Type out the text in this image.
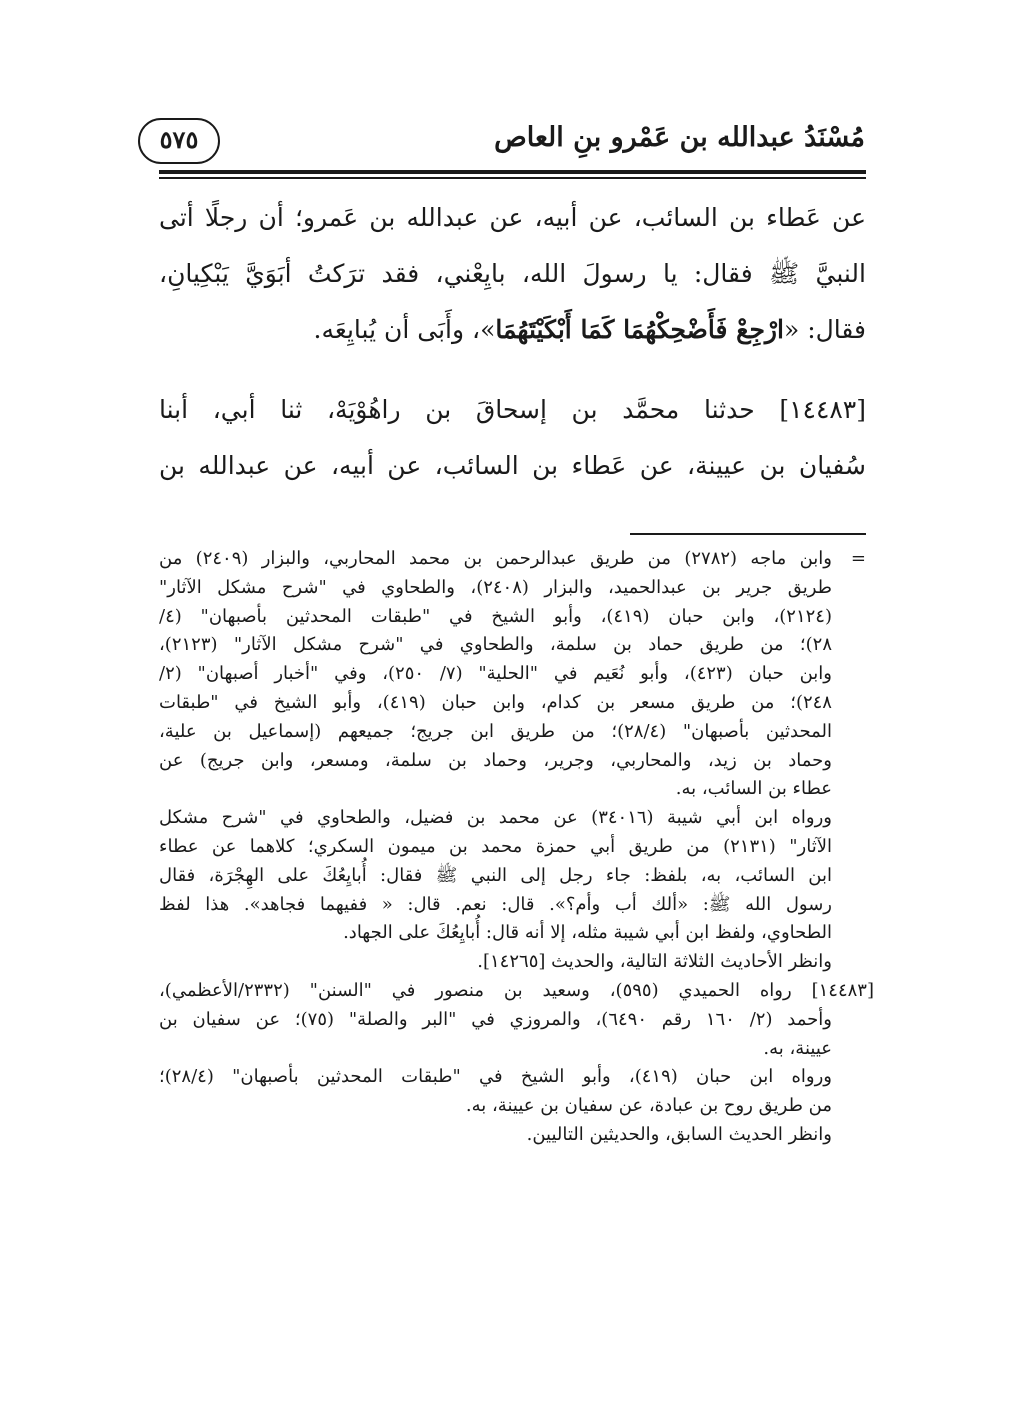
مُسْنَدُ عبدالله بن عَمْرو بنِ العاص
٥٧٥
عن عَطاء بن السائب، عن أبيه، عن عبدالله بن عَمرو؛ أن رجلًا أتى
النبيَّ ﷺ فقال: يا رسولَ الله، بايِعْني، فقد ترَكتُ أبَوَيَّ يَبْكِيانِ،
فقال: «ارْجِعْ فَأَضْحِكْهُمَا كَمَا أَبْكَيْتَهُمَا»، وأَبَى أن يُبايِعَه.
[١٤٤٨٣] حدثنا محمَّد بن إسحاقَ بن راهُوْيَهْ، ثنا أبي، أبنا
سُفيان بن عيينة، عن عَطاء بن السائب، عن أبيه، عن عبدالله بن
=
وابن ماجه (٢٧٨٢) من طريق عبدالرحمن بن محمد المحاربي، والبزار (٢٤٠٩) من
طريق جرير بن عبدالحميد، والبزار (٢٤٠٨)، والطحاوي في "شرح مشكل الآثار"
(٢١٢٤)، وابن حبان (٤١٩)، وأبو الشيخ في "طبقات المحدثين بأصبهان" (٤/
٢٨)؛ من طريق حماد بن سلمة، والطحاوي في "شرح مشكل الآثار" (٢١٢٣)،
وابن حبان (٤٢٣)، وأبو نُعَيم في "الحلية" (٧/ ٢٥٠)، وفي "أخبار أصبهان" (٢/
٢٤٨)؛ من طريق مسعر بن كدام، وابن حبان (٤١٩)، وأبو الشيخ في "طبقات
المحدثين بأصبهان" (٢٨/٤)؛ من طريق ابن جريج؛ جميعهم (إسماعيل بن علية،
وحماد بن زيد، والمحاربي، وجرير، وحماد بن سلمة، ومسعر، وابن جريج) عن
عطاء بن السائب، به.
ورواه ابن أبي شيبة (٣٤٠١٦) عن محمد بن فضيل، والطحاوي في "شرح مشكل
الآثار" (٢١٣١) من طريق أبي حمزة محمد بن ميمون السكري؛ كلاهما عن عطاء
ابن السائب، به، بلفظ: جاء رجل إلى النبي ﷺ فقال: أُبايِعُكَ على الهِجْرَة، فقال
رسول الله ﷺ: «ألك أب وأم؟». قال: نعم. قال: « ففيهما فجاهد». هذا لفظ
الطحاوي، ولفظ ابن أبي شيبة مثله، إلا أنه قال: أُبايِعُكَ على الجهاد.
وانظر الأحاديث الثلاثة التالية، والحديث [١٤٢٦٥].
[١٤٤٨٣] رواه الحميدي (٥٩٥)، وسعيد بن منصور في "السنن" (٢٣٣٢/الأعظمي)،
وأحمد (٢/ ١٦٠ رقم ٦٤٩٠)، والمروزي في "البر والصلة" (٧٥)؛ عن سفيان بن
عيينة، به.
ورواه ابن حبان (٤١٩)، وأبو الشيخ في "طبقات المحدثين بأصبهان" (٢٨/٤)؛
من طريق روح بن عبادة، عن سفيان بن عيينة، به.
وانظر الحديث السابق، والحديثين التاليين.
